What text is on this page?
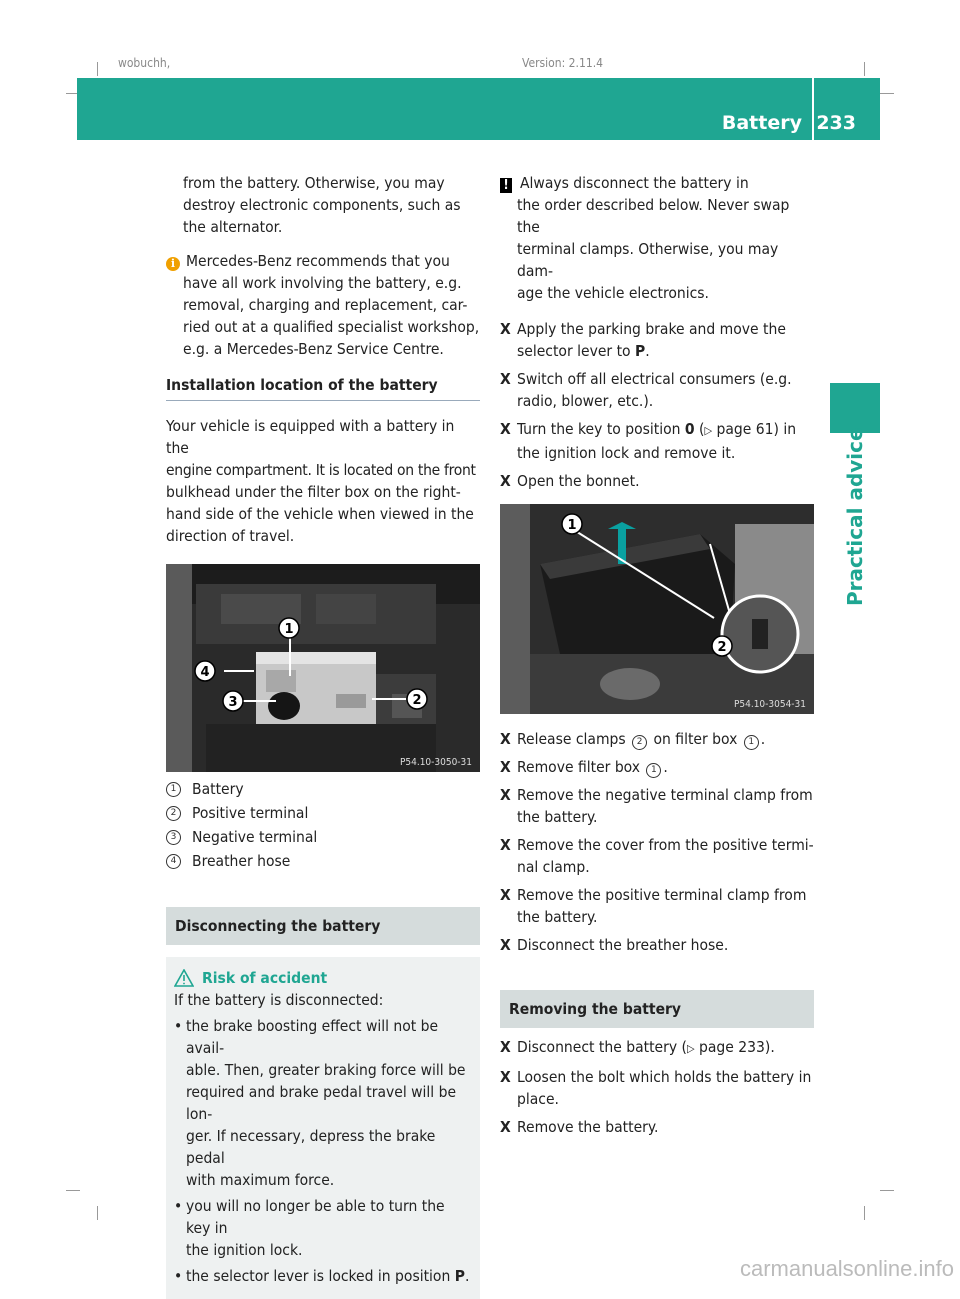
wobuchh,	Version: 2.11.4
Battery 233
Practical advice

from the battery. Otherwise, you may

destroy electronic components, such as

the alternator.

i Mercedes-Benz recommends that you

have all work involving the battery, e.g.

removal, charging and replacement, car-

ried out at a qualified specialist workshop,

e.g. a Mercedes-Benz Service Centre.

Installation location of the battery

Your vehicle is equipped with a battery in the

engine compartment. It is located on the front

bulkhead under the filter box on the right-

hand side of the vehicle when viewed in the

direction of travel.

1
2
3
4
P54.10-3050-31
1 Battery
2 Positive terminal
3 Negative terminal
4 Breather hose
Disconnecting the battery
Risk of accident

If the battery is disconnected:

• the brake boosting effect will not be avail-

able. Then, greater braking force will be

required and brake pedal travel will be lon-

ger. If necessary, depress the brake pedal

with maximum force.

• you will no longer be able to turn the key in

the ignition lock.

• the selector lever is locked in position P.

! Always disconnect the battery in

the order described below. Never swap the

terminal clamps. Otherwise, you may dam-

age the vehicle electronics.

X Apply the parking brake and move the

selector lever to P.

X Switch off all electrical consumers (e.g.

radio, blower, etc.).

X Turn the key to position 0 (▷ page 61) in

the ignition lock and remove it.

X Open the bonnet.

1
2
P54.10-3054-31
X Release clamps 2 on filter box 1 .

X Remove filter box 1 .

X Remove the negative terminal clamp from

the battery.

X Remove the cover from the positive termi-

nal clamp.

X Remove the positive terminal clamp from

the battery.

X Disconnect the breather hose.

Removing the battery
X Disconnect the battery (▷ page 233).

X Loosen the bolt which holds the battery in

place.

X Remove the battery.

carmanualsonline.info
